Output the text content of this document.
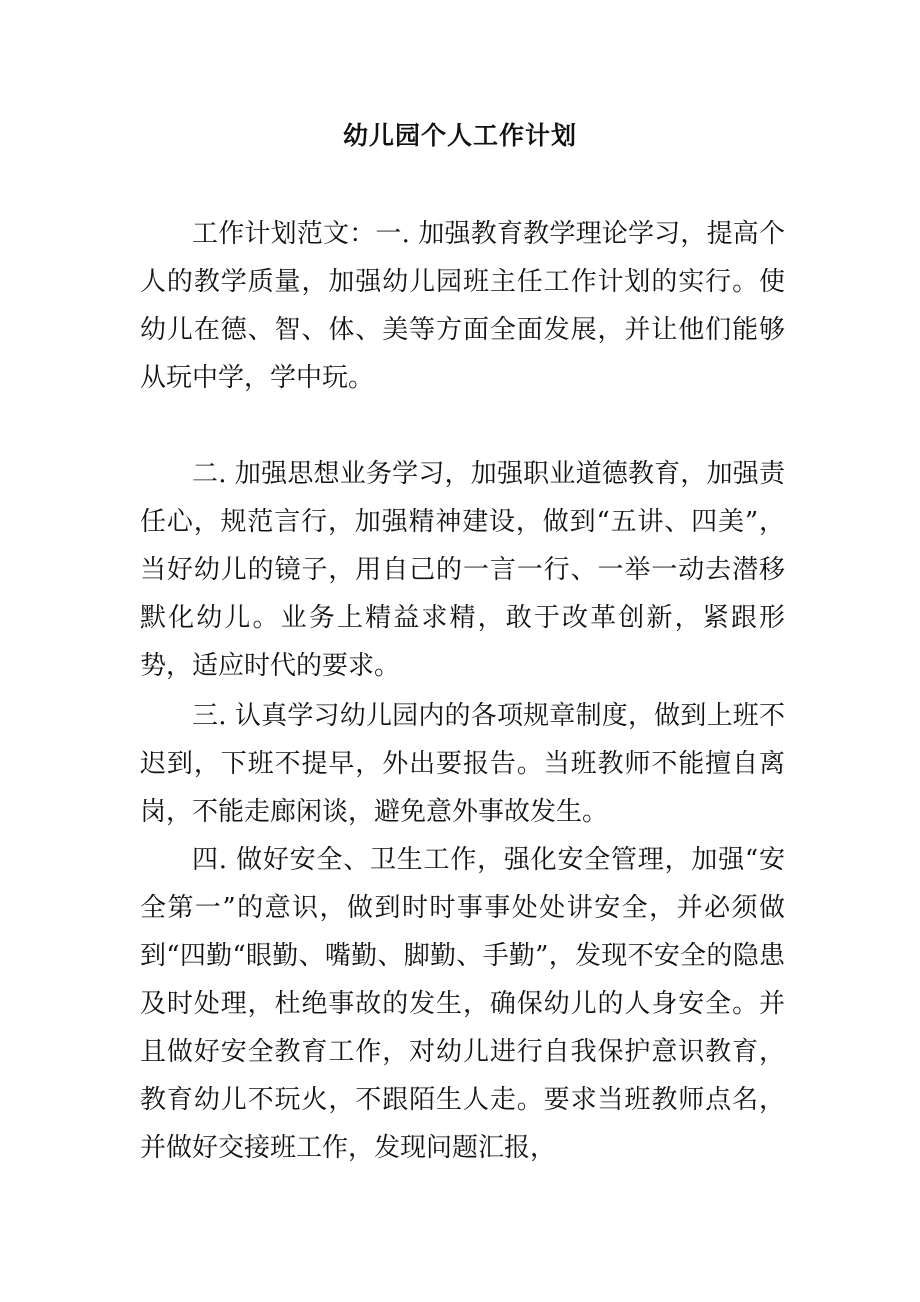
幼儿园个人工作计划

工作计划范文：一. 加强教育教学理论学习，提高个人的教学质量，加强幼儿园班主任工作计划的实行。使幼儿在德、智、体、美等方面全面发展，并让他们能够从玩中学，学中玩。

二. 加强思想业务学习，加强职业道德教育，加强责任心，规范言行，加强精神建设，做到“五讲、四美”，当好幼儿的镜子，用自己的一言一行、一举一动去潜移默化幼儿。业务上精益求精，敢于改革创新，紧跟形势，适应时代的要求。

三. 认真学习幼儿园内的各项规章制度，做到上班不迟到，下班不提早，外出要报告。当班教师不能擅自离岗，不能走廊闲谈，避免意外事故发生。

四. 做好安全、卫生工作，强化安全管理，加强“安全第一”的意识，做到时时事事处处讲安全，并必须做到“四勤“眼勤、嘴勤、脚勤、手勤”，发现不安全的隐患及时处理，杜绝事故的发生，确保幼儿的人身安全。并且做好安全教育工作，对幼儿进行自我保护意识教育，教育幼儿不玩火，不跟陌生人走。要求当班教师点名，并做好交接班工作，发现问题汇报，
